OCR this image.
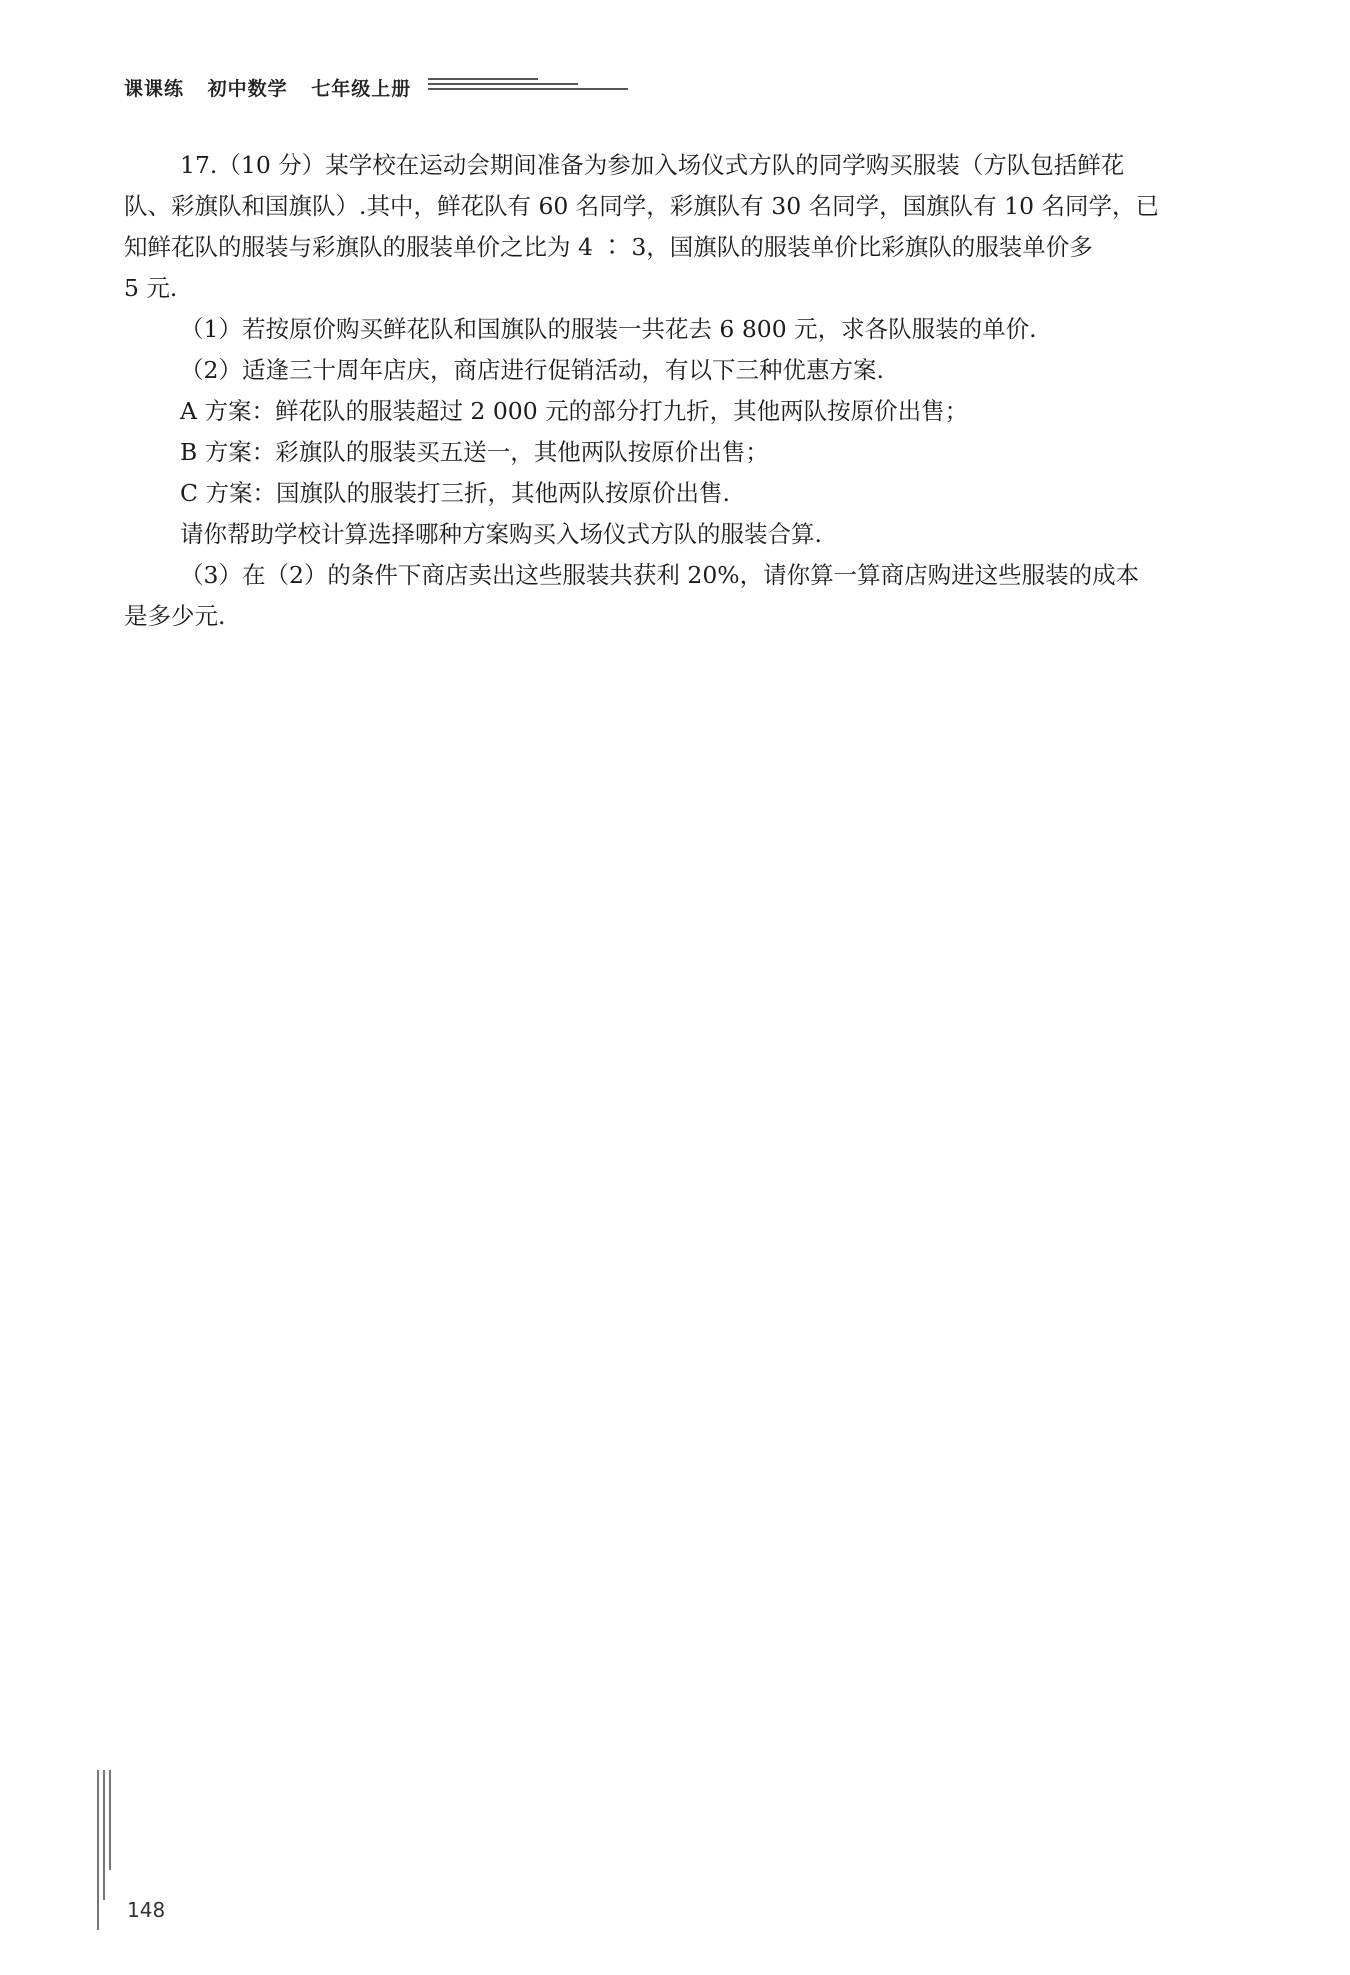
课课练 初中数学 七年级上册

17.（10 分）某学校在运动会期间准备为参加入场仪式方队的同学购买服装（方队包括鲜花

队、彩旗队和国旗队）.其中，鲜花队有 60 名同学，彩旗队有 30 名同学，国旗队有 10 名同学，已

知鲜花队的服装与彩旗队的服装单价之比为 4 ∶ 3，国旗队的服装单价比彩旗队的服装单价多

5 元.

（1）若按原价购买鲜花队和国旗队的服装一共花去 6 800 元，求各队服装的单价.

（2）适逢三十周年店庆，商店进行促销活动，有以下三种优惠方案.

A 方案：鲜花队的服装超过 2 000 元的部分打九折，其他两队按原价出售；

B 方案：彩旗队的服装买五送一，其他两队按原价出售；

C 方案：国旗队的服装打三折，其他两队按原价出售.

请你帮助学校计算选择哪种方案购买入场仪式方队的服装合算.

（3）在（2）的条件下商店卖出这些服装共获利 20%，请你算一算商店购进这些服装的成本

是多少元.

148
